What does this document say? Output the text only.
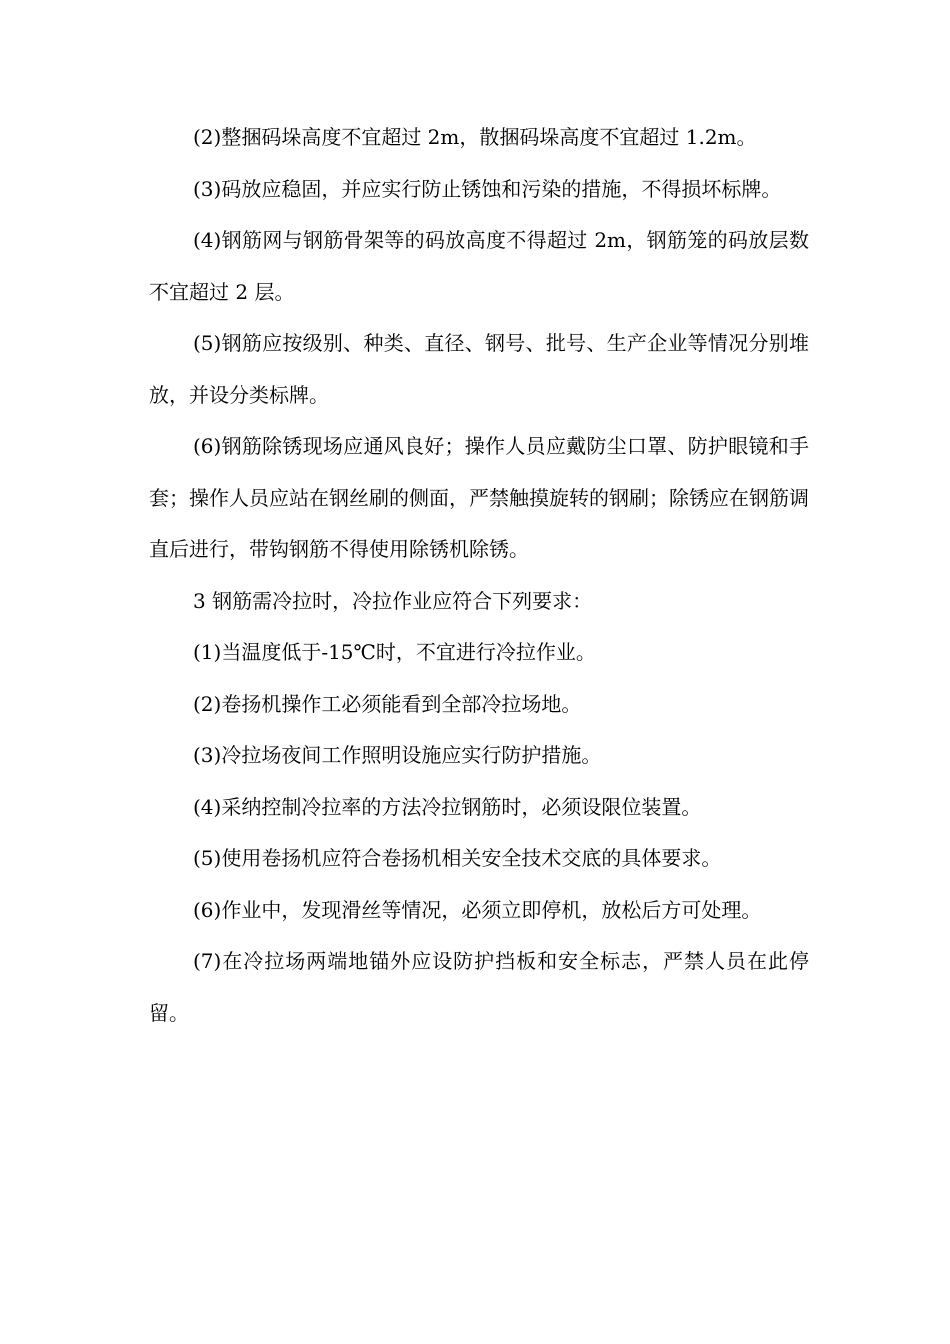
(2)整捆码垛高度不宜超过 2m，散捆码垛高度不宜超过 1.2m。

(3)码放应稳固，并应实行防止锈蚀和污染的措施，不得损坏标牌。

(4)钢筋网与钢筋骨架等的码放高度不得超过 2m，钢筋笼的码放层数不宜超过 2 层。

(5)钢筋应按级别、种类、直径、钢号、批号、生产企业等情况分别堆放，并设分类标牌。

(6)钢筋除锈现场应通风良好；操作人员应戴防尘口罩、防护眼镜和手套；操作人员应站在钢丝刷的侧面，严禁触摸旋转的钢刷；除锈应在钢筋调直后进行，带钩钢筋不得使用除锈机除锈。

3 钢筋需冷拉时，冷拉作业应符合下列要求：

(1)当温度低于-15℃时，不宜进行冷拉作业。

(2)卷扬机操作工必须能看到全部冷拉场地。

(3)冷拉场夜间工作照明设施应实行防护措施。

(4)采纳控制冷拉率的方法冷拉钢筋时，必须设限位装置。

(5)使用卷扬机应符合卷扬机相关安全技术交底的具体要求。

(6)作业中，发现滑丝等情况，必须立即停机，放松后方可处理。

(7)在冷拉场两端地锚外应设防护挡板和安全标志，严禁人员在此停留。
